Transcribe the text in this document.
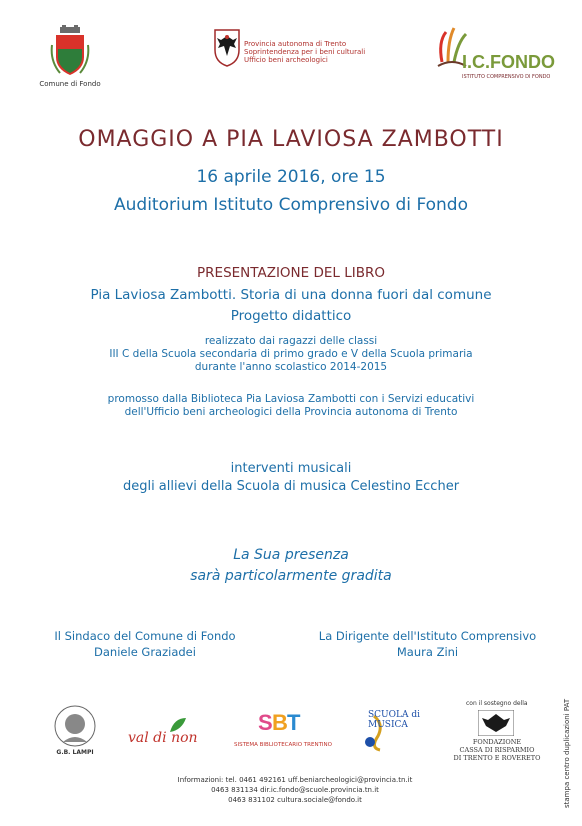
Comune di Fondo
Provincia autonoma di Trento
Soprintendenza per i beni culturali
Ufficio beni archeologici	I.C.FONDO
ISTITUTO COMPRENSIVO DI FONDO
OMAGGIO A PIA LAVIOSA ZAMBOTTI
16 aprile 2016, ore 15
Auditorium Istituto Comprensivo di Fondo
PRESENTAZIONE DEL LIBRO
Pia Laviosa Zambotti. Storia di una donna fuori dal comune
Progetto didattico
realizzato dai ragazzi delle classi
III C della Scuola secondaria di primo grado e V della Scuola primaria
durante l'anno scolastico 2014-2015
promosso dalla Biblioteca Pia Laviosa Zambotti con i Servizi educativi
dell'Ufficio beni archeologici della Provincia autonoma di Trento
interventi musicali
degli allievi della Scuola di musica Celestino Eccher
La Sua presenza
sarà particolarmente gradita
Il Sindaco del Comune di Fondo
Daniele Graziadei
La Dirigente dell'Istituto Comprensivo
Maura Zini
G.B. LAMPI
val di non
S B T
SISTEMA BIBLIOTECARIO TRENTINO
SCUOLA di MUSICA
con il sostegno della
FONDAZIONE
CASSA DI RISPARMIO
DI TRENTO E ROVERETO
Informazioni: tel. 0461 492161 uff.beniarcheologici@provincia.tn.it
0463 831134 dir.ic.fondo@scuole.provincia.tn.it
0463 831102 cultura.sociale@fondo.it	stampa centro duplicazioni PAT
